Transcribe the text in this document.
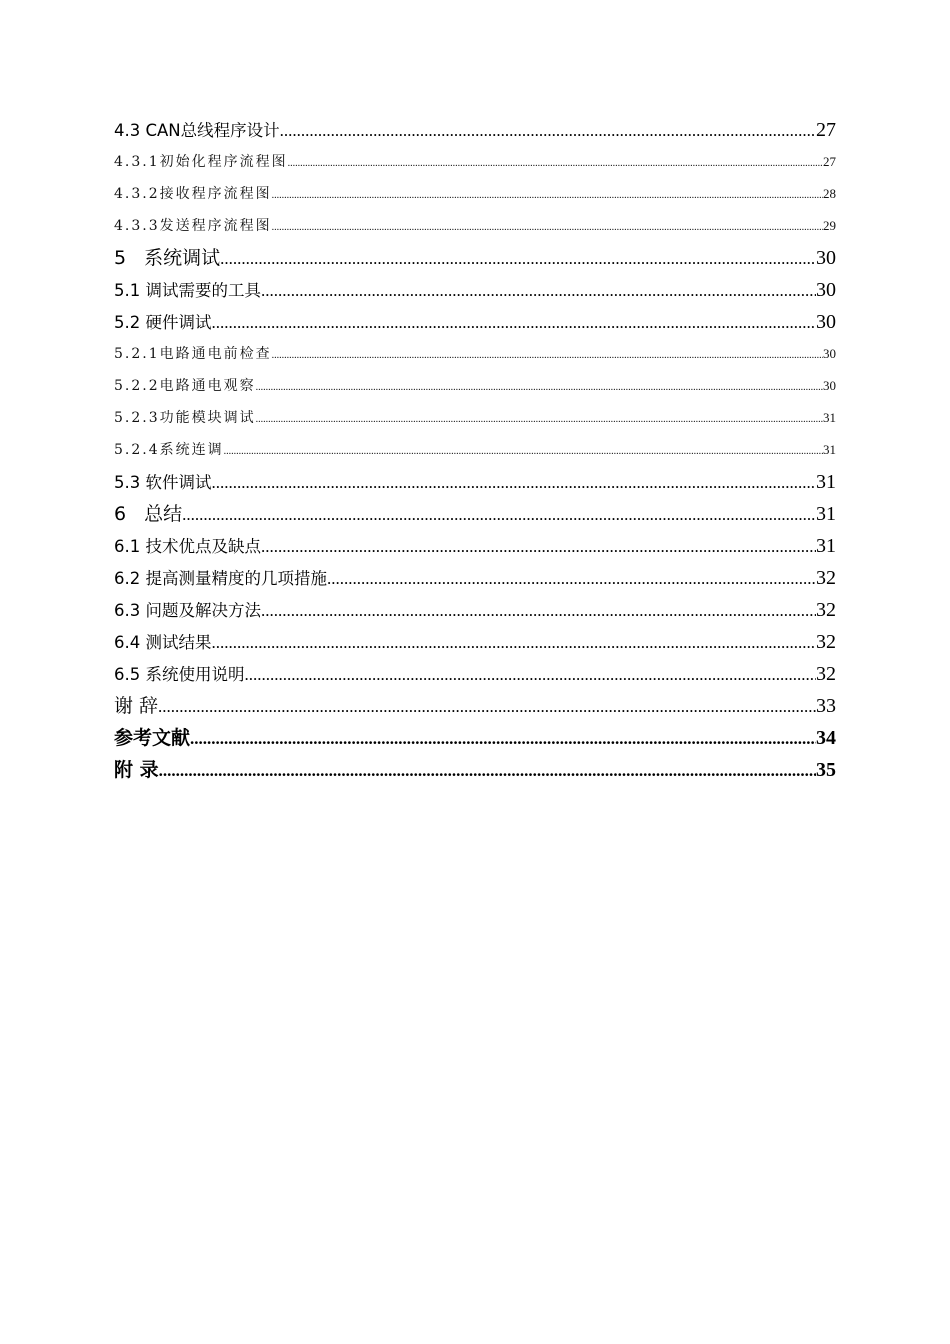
4.3 CAN总线程序设计 .....	27
4.3.1初始化程序流程图 .....	27
4.3.2接收程序流程图 .....	28
4.3.3发送程序流程图 .....	29
5 系统调试 .....	30
5.1 调试需要的工具 .....	30
5.2 硬件调试 .....	30
5.2.1电路通电前检查 .....	30
5.2.2电路通电观察 .....	30
5.2.3功能模块调试 .....	31
5.2.4系统连调 .....	31
5.3 软件调试 .....	31
6 总结 .....	31
6.1 技术优点及缺点 .....	31
6.2 提高测量精度的几项措施 .....	32
6.3 问题及解决方法 .....	32
6.4 测试结果 .....	32
6.5 系统使用说明 .....	32
谢 辞 .....	33
参考文献 .....	34
附 录 .....	35
